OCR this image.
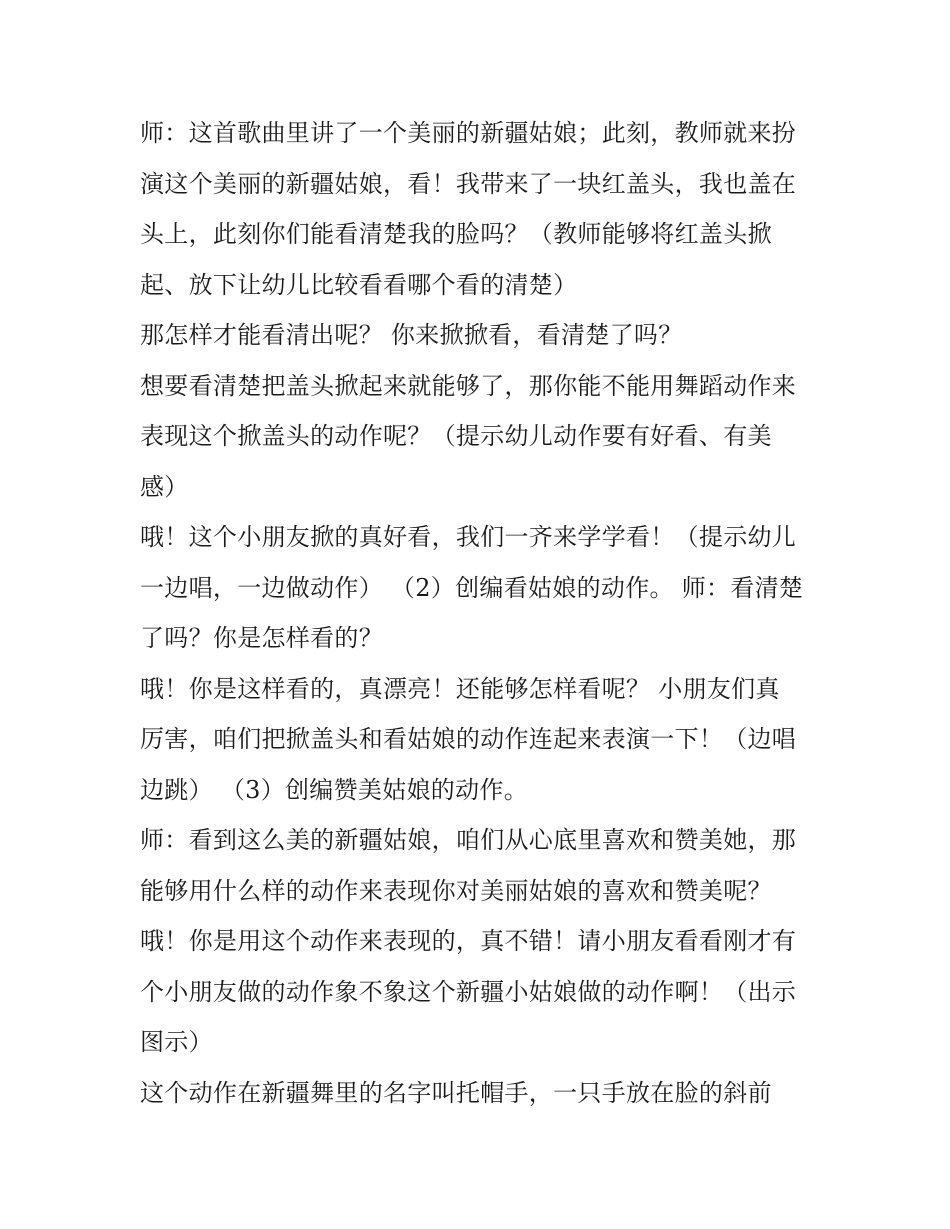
师：这首歌曲里讲了一个美丽的新疆姑娘；此刻，教师就来扮
演这个美丽的新疆姑娘，看！我带来了一块红盖头，我也盖在
头上，此刻你们能看清楚我的脸吗？（教师能够将红盖头掀
起、放下让幼儿比较看看哪个看的清楚）
那怎样才能看清出呢？ 你来掀掀看，看清楚了吗？
想要看清楚把盖头掀起来就能够了，那你能不能用舞蹈动作来
表现这个掀盖头的动作呢？（提示幼儿动作要有好看、有美
感）
哦！这个小朋友掀的真好看，我们一齐来学学看！（提示幼儿
一边唱，一边做动作） （2）创编看姑娘的动作。 师：看清楚
了吗？你是怎样看的？
哦！你是这样看的，真漂亮！还能够怎样看呢？ 小朋友们真
厉害，咱们把掀盖头和看姑娘的动作连起来表演一下！（边唱
边跳） （3）创编赞美姑娘的动作。
师：看到这么美的新疆姑娘，咱们从心底里喜欢和赞美她，那
能够用什么样的动作来表现你对美丽姑娘的喜欢和赞美呢？
哦！你是用这个动作来表现的，真不错！请小朋友看看刚才有
个小朋友做的动作象不象这个新疆小姑娘做的动作啊！（出示
图示）
这个动作在新疆舞里的名字叫托帽手，一只手放在脸的斜前
